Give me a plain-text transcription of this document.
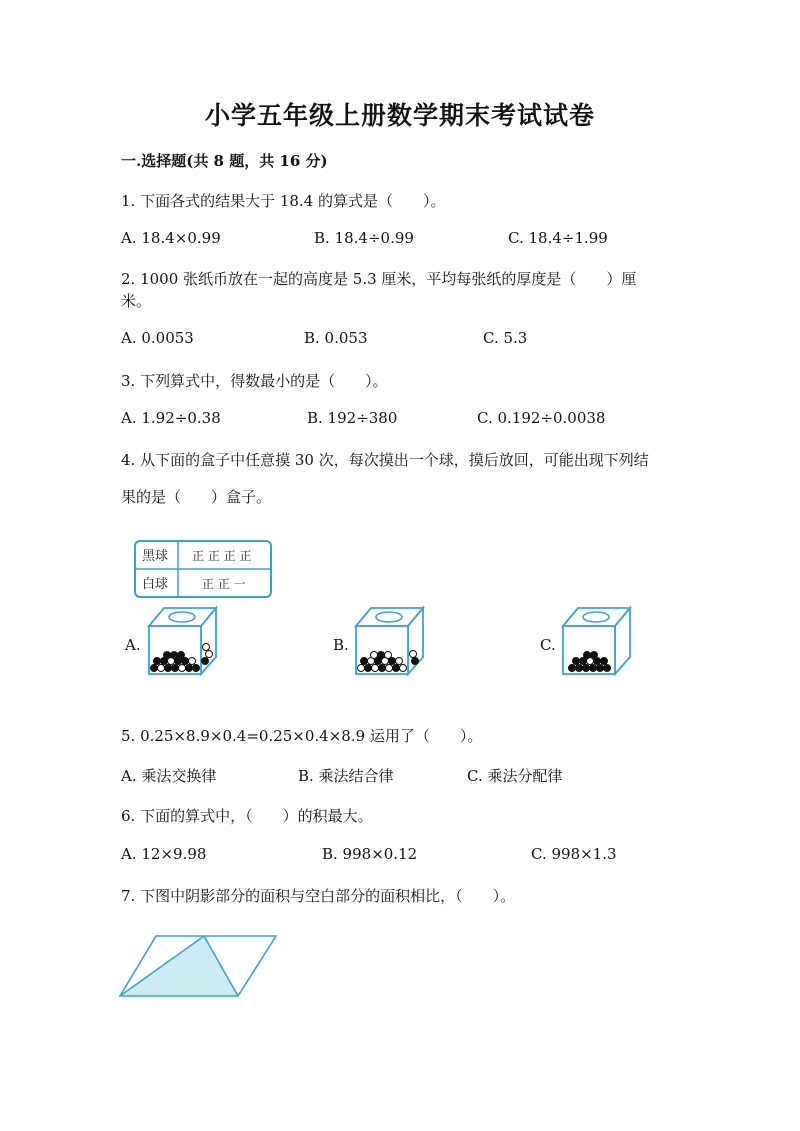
小学五年级上册数学期末考试试卷
一.选择题(共 8 题，共 16 分)
1. 下面各式的结果大于 18.4 的算式是（　　）。
A. 18.4×0.99	B. 18.4÷0.99	C. 18.4÷1.99
2. 1000 张纸币放在一起的高度是 5.3 厘米，平均每张纸的厚度是（　　）厘
米。
A. 0.0053	B. 0.053	C. 5.3
3. 下列算式中，得数最小的是（　　）。
A. 1.92÷0.38	B. 192÷380	C. 0.192÷0.0038
4. 从下面的盒子中任意摸 30 次，每次摸出一个球，摸后放回，可能出现下列结
果的是（　　）盒子。
黑球 正 正 正 正
白球	正 正 一
A.	B.	C.
5. 0.25×8.9×0.4=0.25×0.4×8.9 运用了（　　）。
A. 乘法交换律	B. 乘法结合律	C. 乘法分配律
6. 下面的算式中，（　　）的积最大。
A. 12×9.98	B. 998×0.12	C. 998×1.3
7. 下图中阴影部分的面积与空白部分的面积相比，（　　）。
